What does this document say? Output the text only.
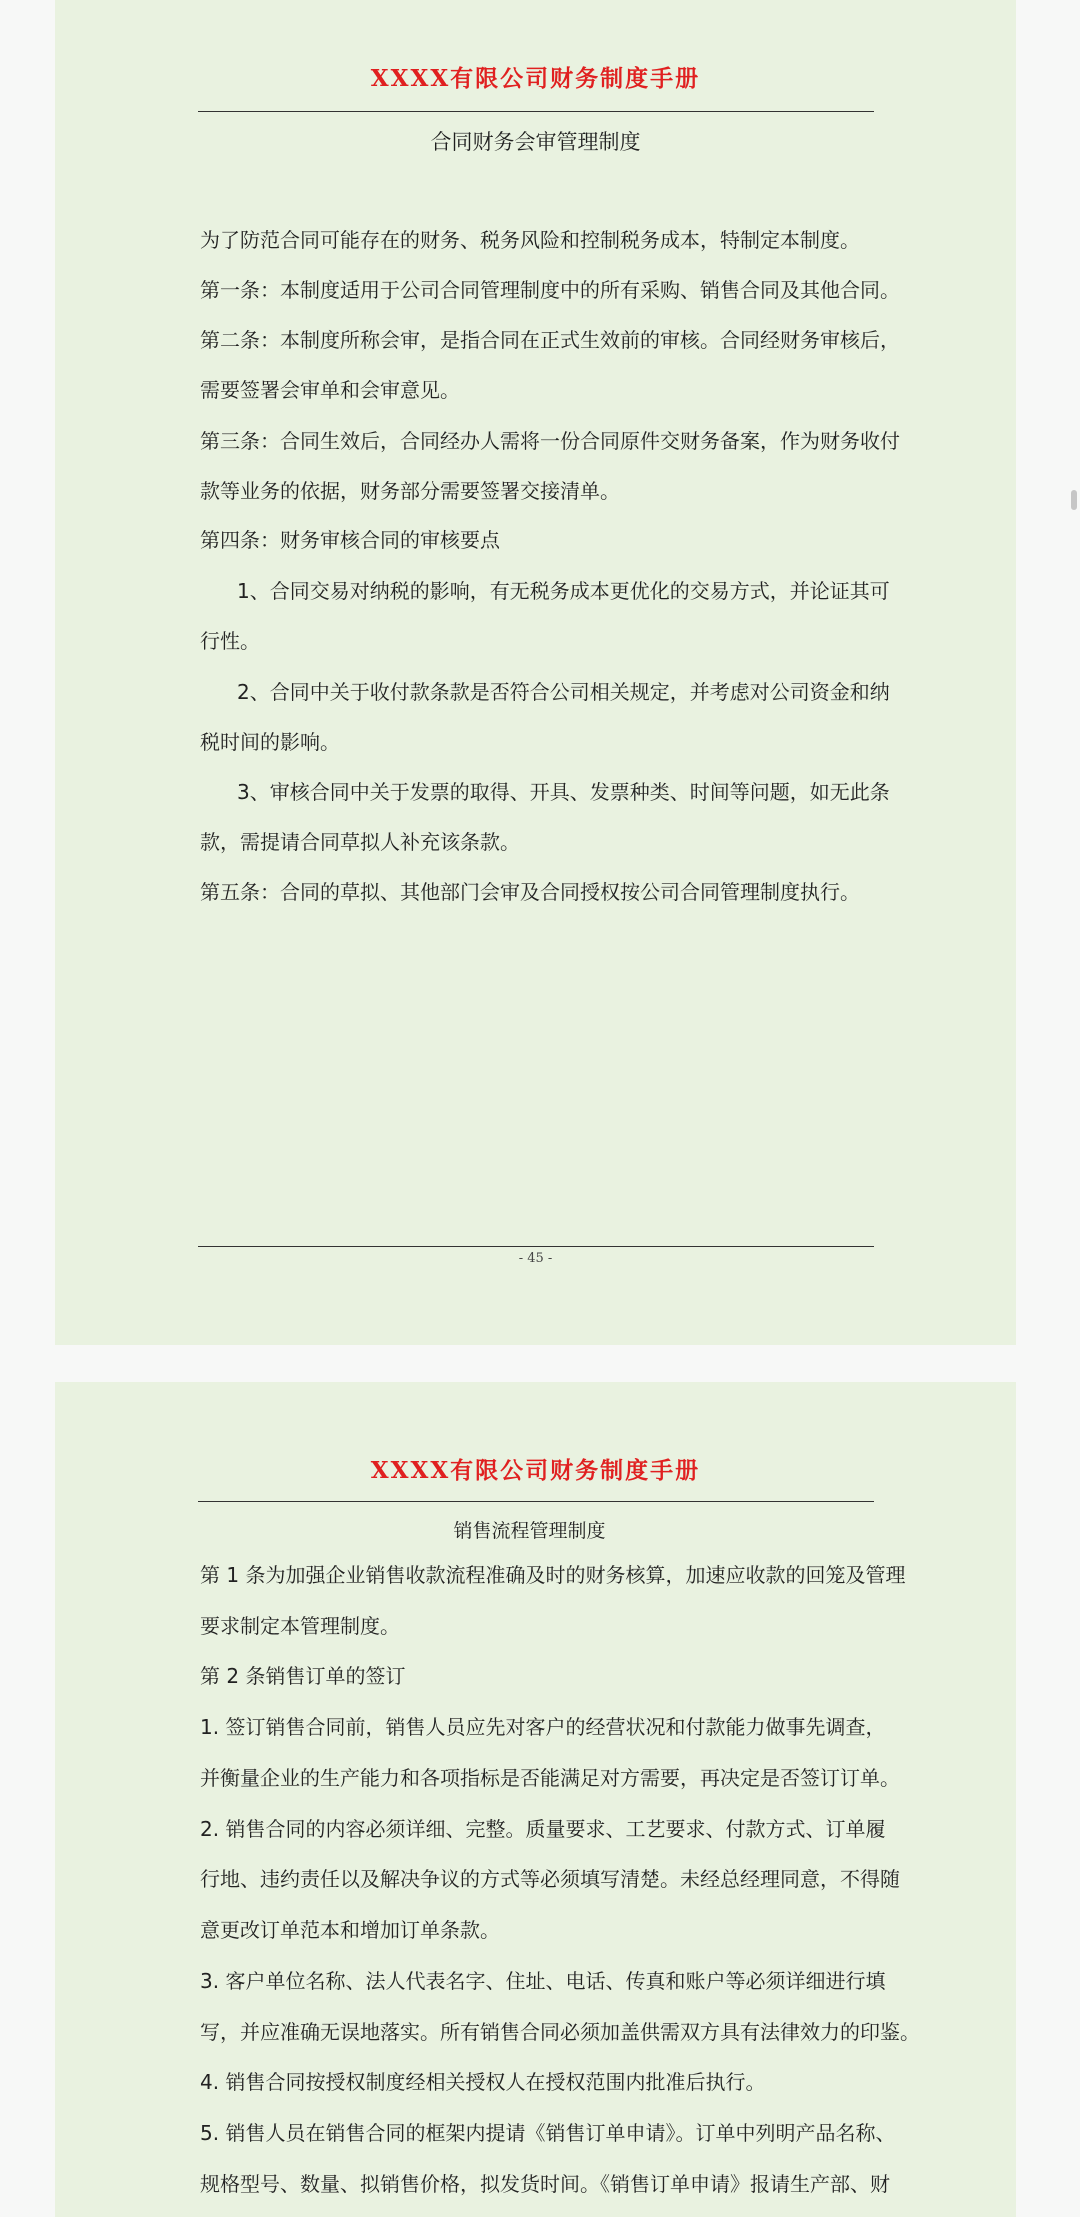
XXXX有限公司财务制度手册
合同财务会审管理制度
为了防范合同可能存在的财务、税务风险和控制税务成本，特制定本制度。
第一条：本制度适用于公司合同管理制度中的所有采购、销售合同及其他合同。
第二条：本制度所称会审，是指合同在正式生效前的审核。合同经财务审核后，
需要签署会审单和会审意见。
第三条：合同生效后，合同经办人需将一份合同原件交财务备案，作为财务收付
款等业务的依据，财务部分需要签署交接清单。
第四条：财务审核合同的审核要点
1、合同交易对纳税的影响，有无税务成本更优化的交易方式，并论证其可
行性。
2、合同中关于收付款条款是否符合公司相关规定，并考虑对公司资金和纳
税时间的影响。
3、审核合同中关于发票的取得、开具、发票种类、时间等问题，如无此条
款，需提请合同草拟人补充该条款。
第五条：合同的草拟、其他部门会审及合同授权按公司合同管理制度执行。
- 45 -
XXXX有限公司财务制度手册
销售流程管理制度
第 1 条为加强企业销售收款流程准确及时的财务核算，加速应收款的回笼及管理
要求制定本管理制度。
第 2 条销售订单的签订
1. 签订销售合同前，销售人员应先对客户的经营状况和付款能力做事先调查，
并衡量企业的生产能力和各项指标是否能满足对方需要，再决定是否签订订单。
2. 销售合同的内容必须详细、完整。质量要求、工艺要求、付款方式、订单履
行地、违约责任以及解决争议的方式等必须填写清楚。未经总经理同意，不得随
意更改订单范本和增加订单条款。
3. 客户单位名称、法人代表名字、住址、电话、传真和账户等必须详细进行填
写，并应准确无误地落实。所有销售合同必须加盖供需双方具有法律效力的印鉴。
4. 销售合同按授权制度经相关授权人在授权范围内批准后执行。
5. 销售人员在销售合同的框架内提请《销售订单申请》。订单中列明产品名称、
规格型号、数量、拟销售价格，拟发货时间。《销售订单申请》报请生产部、财
